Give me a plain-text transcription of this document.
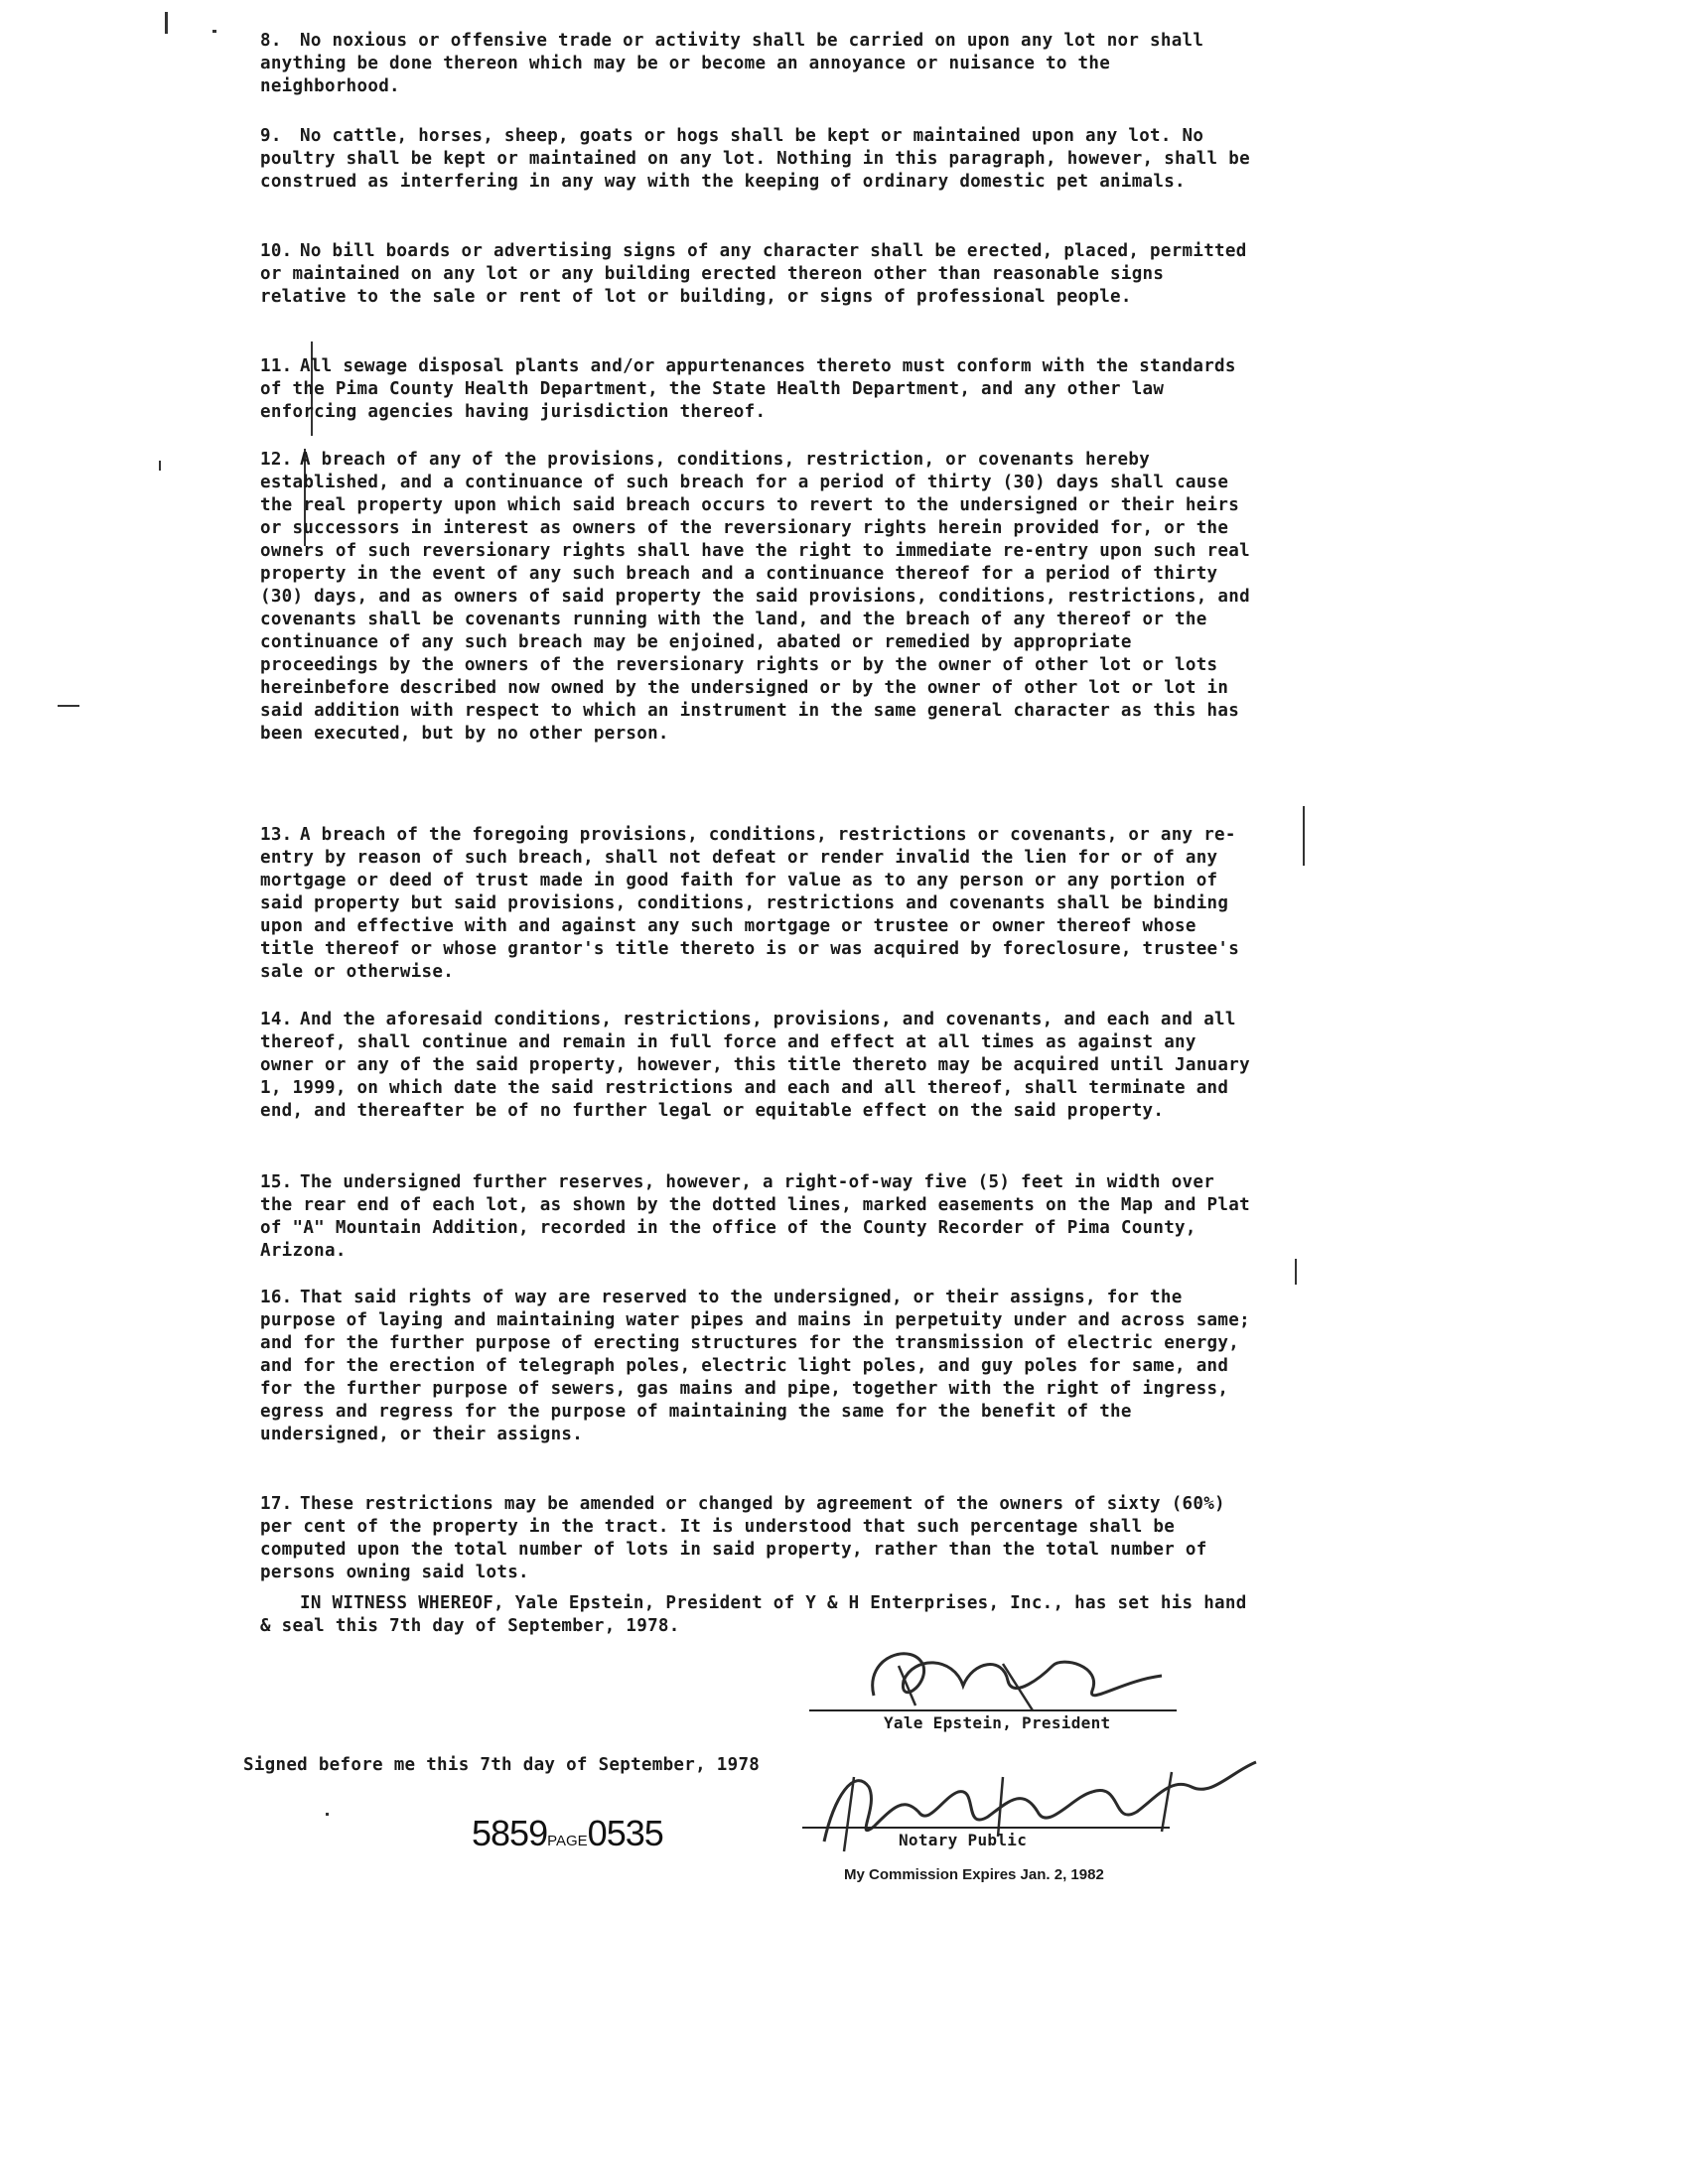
8. No noxious or offensive trade or activity shall be carried on upon any lot nor shall anything be done thereon which may be or become an annoyance or nuisance to the neighborhood.

9. No cattle, horses, sheep, goats or hogs shall be kept or maintained upon any lot. No poultry shall be kept or maintained on any lot. Nothing in this paragraph, however, shall be construed as interfering in any way with the keeping of ordinary domestic pet animals.

10. No bill boards or advertising signs of any character shall be erected, placed, permitted or maintained on any lot or any building erected thereon other than reasonable signs relative to the sale or rent of lot or building, or signs of professional people.

11. All sewage disposal plants and/or appurtenances thereto must conform with the standards of the Pima County Health Department, the State Health Department, and any other law enforcing agencies having jurisdiction thereof.

12. A breach of any of the provisions, conditions, restriction, or covenants hereby established, and a continuance of such breach for a period of thirty (30) days shall cause the real property upon which said breach occurs to revert to the undersigned or their heirs or successors in interest as owners of the reversionary rights herein provided for, or the owners of such reversionary rights shall have the right to immediate re-entry upon such real property in the event of any such breach and a continuance thereof for a period of thirty (30) days, and as owners of said property the said provisions, conditions, restrictions, and covenants shall be covenants running with the land, and the breach of any thereof or the continuance of any such breach may be enjoined, abated or remedied by appropriate proceedings by the owners of the reversionary rights or by the owner of other lot or lots hereinbefore described now owned by the undersigned or by the owner of other lot or lot in said addition with respect to which an instrument in the same general character as this has been executed, but by no other person.

13. A breach of the foregoing provisions, conditions, restrictions or covenants, or any re-entry by reason of such breach, shall not defeat or render invalid the lien for or of any mortgage or deed of trust made in good faith for value as to any person or any portion of said property but said provisions, conditions, restrictions and covenants shall be binding upon and effective with and against any such mortgage or trustee or owner thereof whose title thereof or whose grantor's title thereto is or was acquired by foreclosure, trustee's sale or otherwise.

14. And the aforesaid conditions, restrictions, provisions, and covenants, and each and all thereof, shall continue and remain in full force and effect at all times as against any owner or any of the said property, however, this title thereto may be acquired until January 1, 1999, on which date the said restrictions and each and all thereof, shall terminate and end, and thereafter be of no further legal or equitable effect on the said property.

15. The undersigned further reserves, however, a right-of-way five (5) feet in width over the rear end of each lot, as shown by the dotted lines, marked easements on the Map and Plat of "A" Mountain Addition, recorded in the office of the County Recorder of Pima County, Arizona.

16. That said rights of way are reserved to the undersigned, or their assigns, for the purpose of laying and maintaining water pipes and mains in perpetuity under and across same; and for the further purpose of erecting structures for the transmission of electric energy, and for the erection of telegraph poles, electric light poles, and guy poles for same, and for the further purpose of sewers, gas mains and pipe, together with the right of ingress, egress and regress for the purpose of maintaining the same for the benefit of the undersigned, or their assigns.

17. These restrictions may be amended or changed by agreement of the owners of sixty (60%) per cent of the property in the tract. It is understood that such percentage shall be computed upon the total number of lots in said property, rather than the total number of persons owning said lots.

IN WITNESS WHEREOF, Yale Epstein, President of Y & H Enterprises, Inc., has set his hand & seal this 7th day of September, 1978.
Yale Epstein, President
Signed before me this 7th day of September, 1978
Notary Public
My Commission Expires Jan. 2, 1982
5859PAGE0535
